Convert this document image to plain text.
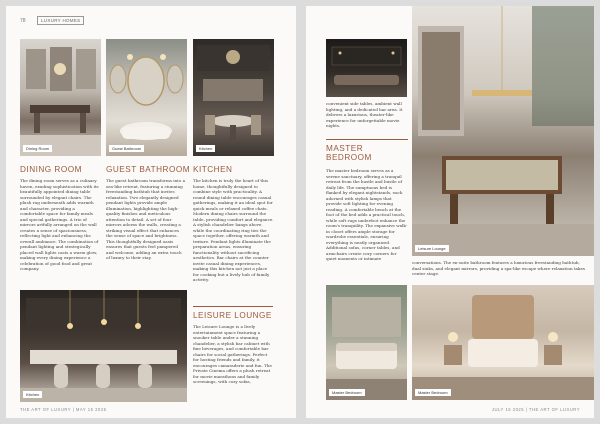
78	LUXURY HOMES
Dining Room	Guest Bathroom	Kitchen
DINING ROOM
The dining room serves as a culinary haven, exuding sophistication with its beautifully appointed dining table surrounded by elegant chairs. The plush rug underneath adds warmth and character, providing a comfortable space for family meals and special gatherings. A trio of mirrors artfully arranged on the wall creates a sense of spaciousness, reflecting light and enhancing the overall ambiance. The combination of pendant lighting and strategically placed wall lights casts a warm glow, making every dining experience a celebration of good food and great company.
GUEST BATHROOM
The guest bathroom transforms into a sea-like retreat, featuring a stunning freestanding bathtub that invites relaxation. Two elegantly designed pendant lights provide ample illumination, highlighting the high-quality finishes and meticulous attention to detail. A set of four mirrors adorns the walls, creating a striking visual effect that enhances the sense of space and brightness. This thoughtfully designed oasis ensures that guests feel pampered and welcome, adding an extra touch of luxury to their stay.
KITCHEN
The kitchen is truly the heart of this home, thoughtfully designed to combine style with practicality. A round dining table encourages casual gatherings, making it an ideal spot for quick meals or relaxed coffee chats. Modern dining chairs surround the table, providing comfort and elegance. A stylish chandelier hangs above, while the coordinating ring ties the space together, offering warmth and texture. Pendant lights illuminate the preparation areas, ensuring functionality without sacrificing aesthetics. Bar chairs at the counter invite casual dining experiences, making this kitchen not just a place for cooking but a lively hub of family activity.
LEISURE LOUNGE
The Leisure Lounge is a lively entertainment space featuring a snooker table under a stunning chandelier, a stylish bar cabinet with fine beverages, and comfortable bar chairs for social gatherings. Perfect for hosting friends and family, it encourages camaraderie and fun. The Private Cinema offers a plush retreat for movie marathons and family screenings, with cozy sofas,
Kitchen
THE ART OF LUXURY | MAY 15 2025
convenient side tables, ambient wall lighting, and a dedicated bar area. It delivers a luxurious, theater-like experience for unforgettable movie nights.
MASTER
BEDROOM
The master bedroom serves as a serene sanctuary, offering a tranquil retreat from the hustle and bustle of daily life. The sumptuous bed is flanked by elegant nightstands, each adorned with stylish lamps that provide soft lighting for evening reading. A comfortable bench at the foot of the bed adds a practical touch, while soft rugs underfoot enhance the room's tranquility. The expansive walk-in closet offers ample storage for wardrobe essentials, ensuring everything is neatly organized. Additional sofas, corner tables, and armchairs create cozy corners for quiet moments or intimate
Leisure Lounge
conversations. The en-suite bathroom features a luxurious freestanding bathtub, dual sinks, and elegant mirrors, providing a spa-like escape where relaxation takes center stage.
Master Bedroom	Master Bedroom
JULY 15 2025 | THE ART OF LUXURY
